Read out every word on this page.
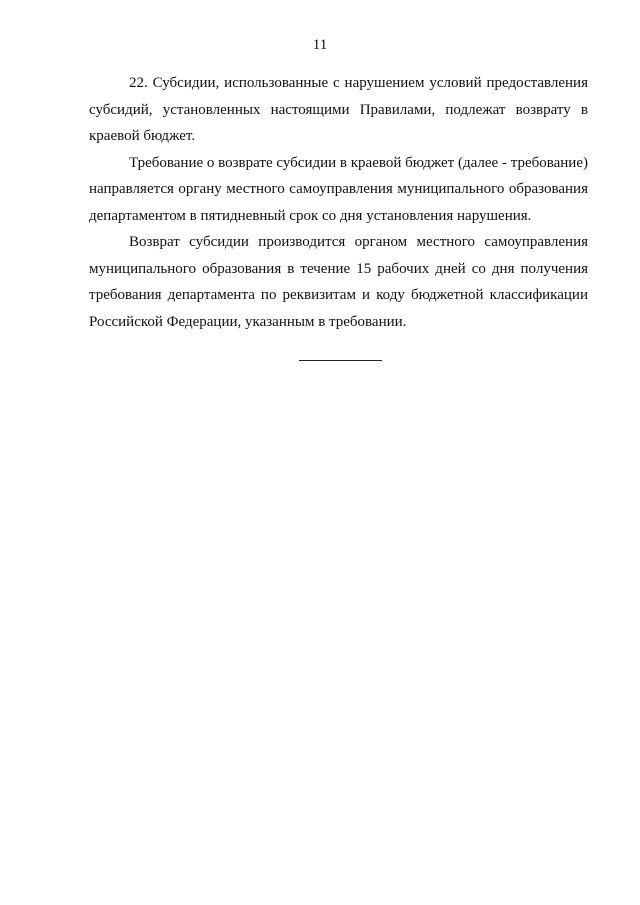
11

22. Субсидии, использованные с нарушением условий предоставления субсидий, установленных настоящими Правилами, подлежат возврату в краевой бюджет.

Требование о возврате субсидии в краевой бюджет (далее - требование) направляется органу местного самоуправления муниципального образования департаментом в пятидневный срок со дня установления нарушения.

Возврат субсидии производится органом местного самоуправления муниципального образования в течение 15 рабочих дней со дня получения требования департамента по реквизитам и коду бюджетной классификации Российской Федерации, указанным в требовании.
